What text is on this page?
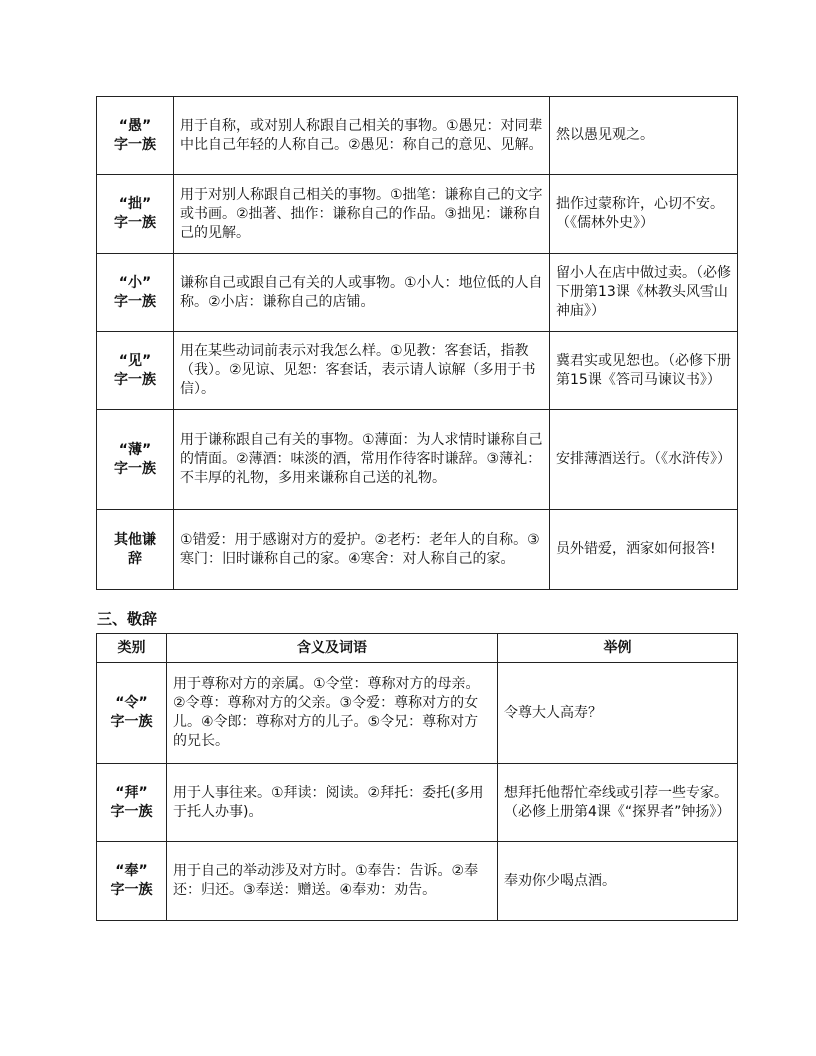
“愚”
字一族	用于自称，或对别人称跟自己相关的事物。①愚兄：对同辈中比自己年轻的人称自己。②愚见：称自己的意见、见解。	然以愚见观之。

“拙”
字一族	用于对别人称跟自己相关的事物。①拙笔：谦称自己的文字或书画。②拙著、拙作：谦称自己的作品。③拙见：谦称自己的见解。	拙作过蒙称许，心切不安。（《儒林外史》）

“小”
字一族	谦称自己或跟自己有关的人或事物。①小人：地位低的人自称。②小店：谦称自己的店铺。	留小人在店中做过卖。（必修下册第13课《林教头风雪山神庙》）

“见”
字一族	用在某些动词前表示对我怎么样。①见教：客套话，指教（我）。②见谅、见恕：客套话，表示请人谅解（多用于书信）。	冀君实或见恕也。（必修下册第15课《答司马谏议书》）

“薄”
字一族	用于谦称跟自己有关的事物。①薄面：为人求情时谦称自己的情面。②薄酒：味淡的酒，常用作待客时谦辞。③薄礼：不丰厚的礼物，多用来谦称自己送的礼物。	安排薄酒送行。（《水浒传》）

其他谦
辞	①错爱：用于感谢对方的爱护。②老朽：老年人的自称。③寒门：旧时谦称自己的家。④寒舍：对人称自己的家。	员外错爱，洒家如何报答!

三、敬辞

类别	含义及词语	举例

“令”
字一族	用于尊称对方的亲属。①令堂：尊称对方的母亲。②令尊：尊称对方的父亲。③令爱：尊称对方的女儿。④令郎：尊称对方的儿子。⑤令兄：尊称对方的兄长。	令尊大人高寿？

“拜”
字一族	用于人事往来。①拜读：阅读。②拜托：委托(多用于托人办事)。	想拜托他帮忙牵线或引荐一些专家。（必修上册第4课《“探界者”钟扬》）

“奉”
字一族	用于自己的举动涉及对方时。①奉告：告诉。②奉还：归还。③奉送：赠送。④奉劝：劝告。	奉劝你少喝点酒。
